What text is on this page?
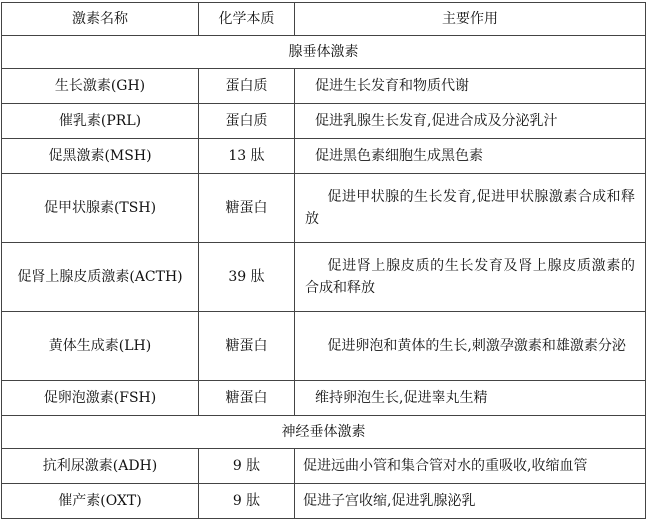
激素名称	化学本质	主要作用
腺垂体激素		
生长激素(GH)	蛋白质	促进生长发育和物质代谢
催乳素(PRL)	蛋白质	促进乳腺生长发育,促进合成及分泌乳汁
促黑激素(MSH)	13 肽	促进黑色素细胞生成黑色素
促甲状腺素(TSH)	糖蛋白	促进甲状腺的生长发育,促进甲状腺激素合成和释放
促肾上腺皮质激素(ACTH)	39 肽	促进肾上腺皮质的生长发育及肾上腺皮质激素的合成和释放
黄体生成素(LH)	糖蛋白	促进卵泡和黄体的生长,刺激孕激素和雄激素分泌
促卵泡激素(FSH)	糖蛋白	维持卵泡生长,促进睾丸生精
神经垂体激素		
抗利尿激素(ADH)	9 肽	促进远曲小管和集合管对水的重吸收,收缩血管
催产素(OXT)	9 肽	促进子宫收缩,促进乳腺泌乳
